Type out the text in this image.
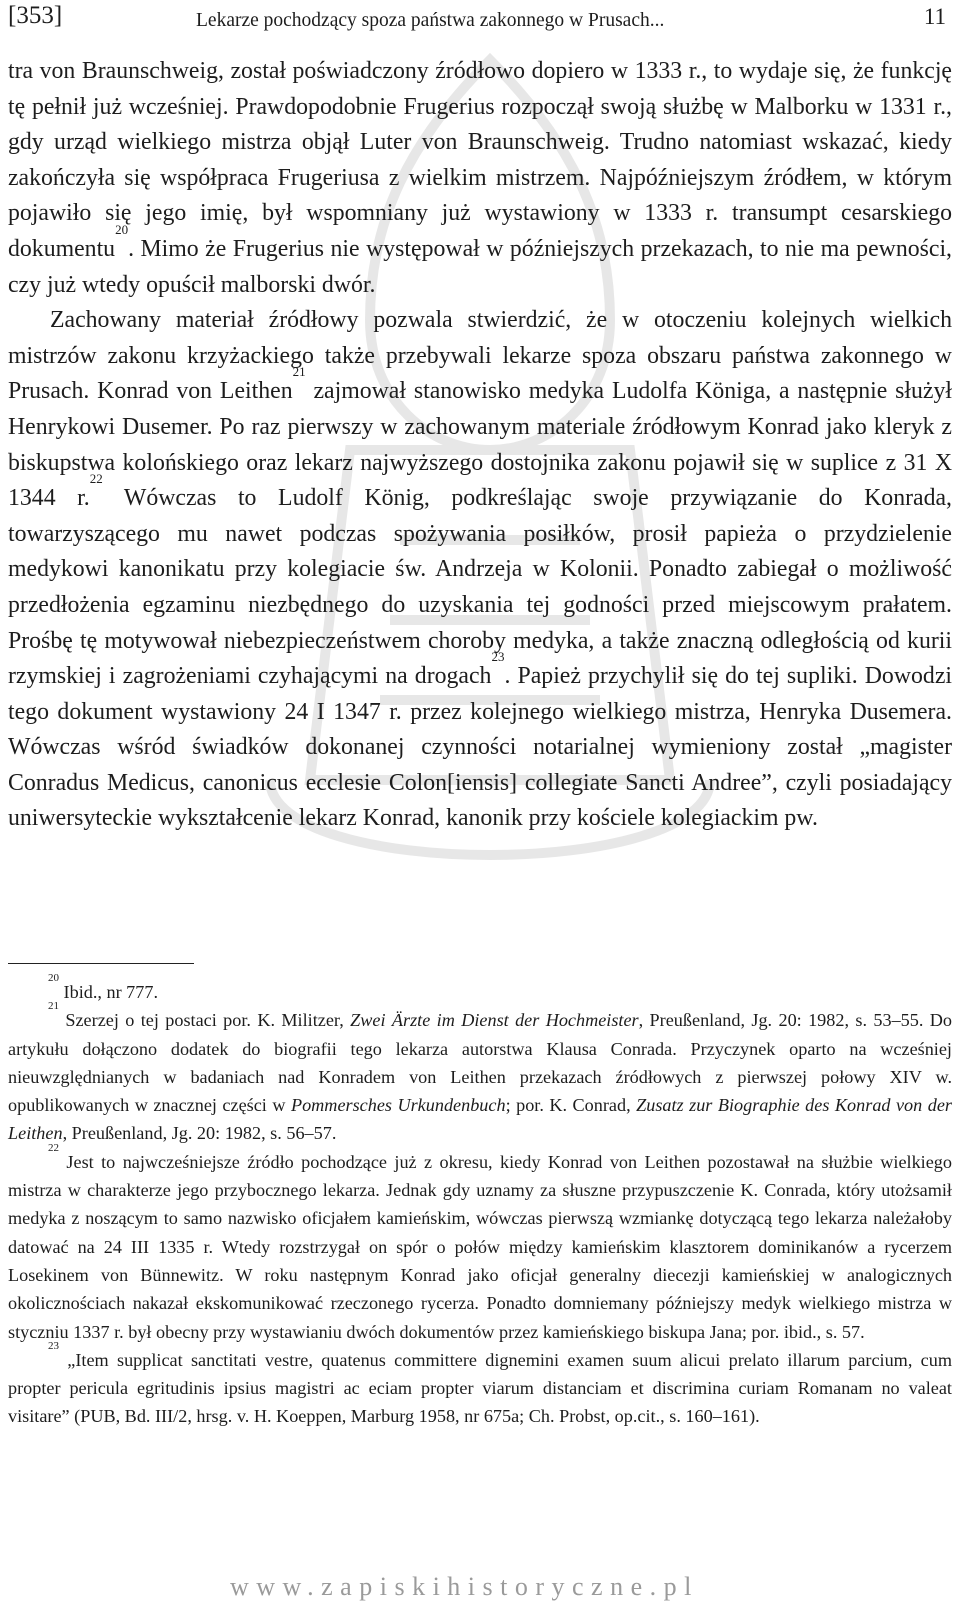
[353]	Lekarze pochodzący spoza państwa zakonnego w Prusach...	11

tra von Braunschweig, został poświadczony źródłowo dopiero w 1333 r., to wydaje się, że funkcję tę pełnił już wcześniej. Prawdopodobnie Frugerius rozpoczął swoją służbę w Malborku w 1331 r., gdy urząd wielkiego mistrza objął Luter von Braunschweig. Trudno natomiast wskazać, kiedy zakończyła się współpraca Frugeriusa z wielkim mistrzem. Najpóźniejszym źródłem, w którym pojawiło się jego imię, był wspomniany już wystawiony w 1333 r. transumpt cesarskiego dokumentu$^{20}$. Mimo że Frugerius nie występował w późniejszych przekazach, to nie ma pewności, czy już wtedy opuścił malborski dwór.

Zachowany materiał źródłowy pozwala stwierdzić, że w otoczeniu kolejnych wielkich mistrzów zakonu krzyżackiego także przebywali lekarze spoza obszaru państwa zakonnego w Prusach. Konrad von Leithen$^{21}$ zajmował stanowisko medyka Ludolfa Königa, a następnie służył Henrykowi Dusemer. Po raz pierwszy w zachowanym materiale źródłowym Konrad jako kleryk z biskupstwa kolońskiego oraz lekarz najwyższego dostojnika zakonu pojawił się w suplice z 31 X 1344 r.$^{22}$ Wówczas to Ludolf König, podkreślając swoje przywiązanie do Konrada, towarzyszącego mu nawet podczas spożywania posiłków, prosił papieża o przydzielenie medykowi kanonikatu przy kolegiacie św. Andrzeja w Kolonii. Ponadto zabiegał o możliwość przedłożenia egzaminu niezbędnego do uzyskania tej godności przed miejscowym prałatem. Prośbę tę motywował niebezpieczeństwem choroby medyka, a także znaczną odległością od kurii rzymskiej i zagrożeniami czyhającymi na drogach$^{23}$. Papież przychylił się do tej supliki. Dowodzi tego dokument wystawiony 24 I 1347 r. przez kolejnego wielkiego mistrza, Henryka Dusemera. Wówczas wśród świadków dokonanej czynności notarialnej wymieniony został „magister Conradus Medicus, canonicus ecclesie Colon[iensis] collegiate Sancti Andree”, czyli posiadający uniwersyteckie wykształcenie lekarz Konrad, kanonik przy kościele kolegiackim pw.

$^{20}$ Ibid., nr 777.

$^{21}$ Szerzej o tej postaci por. K. Militzer, Zwei Ärzte im Dienst der Hochmeister, Preußenland, Jg. 20: 1982, s. 53–55. Do artykułu dołączono dodatek do biografii tego lekarza autorstwa Klausa Conrada. Przyczynek oparto na wcześniej nieuwzględnianych w badaniach nad Konradem von Leithen przekazach źródłowych z pierwszej połowy XIV w. opublikowanych w znacznej części w Pommersches Urkundenbuch; por. K. Conrad, Zusatz zur Biographie des Konrad von der Leithen, Preußenland, Jg. 20: 1982, s. 56–57.

$^{22}$ Jest to najwcześniejsze źródło pochodzące już z okresu, kiedy Konrad von Leithen pozostawał na służbie wielkiego mistrza w charakterze jego przybocznego lekarza. Jednak gdy uznamy za słuszne przypuszczenie K. Conrada, który utożsamił medyka z noszącym to samo nazwisko oficjałem kamieńskim, wówczas pierwszą wzmiankę dotyczącą tego lekarza należałoby datować na 24 III 1335 r. Wtedy rozstrzygał on spór o połów między kamieńskim klasztorem dominikanów a rycerzem Losekinem von Bünnewitz. W roku następnym Konrad jako oficjał generalny diecezji kamieńskiej w analogicznych okolicznościach nakazał ekskomunikować rzeczonego rycerza. Ponadto domniemany późniejszy medyk wielkiego mistrza w styczniu 1337 r. był obecny przy wystawianiu dwóch dokumentów przez kamieńskiego biskupa Jana; por. ibid., s. 57.

$^{23}$ „Item supplicat sanctitati vestre, quatenus committere dignemini examen suum alicui prelato illarum parcium, cum propter pericula egritudinis ipsius magistri ac eciam propter viarum distanciam et discrimina curiam Romanam no valeat visitare” (PUB, Bd. III/2, hrsg. v. H. Koeppen, Marburg 1958, nr 675a; Ch. Probst, op.cit., s. 160–161).

www.zapiskihistoryczne.pl
